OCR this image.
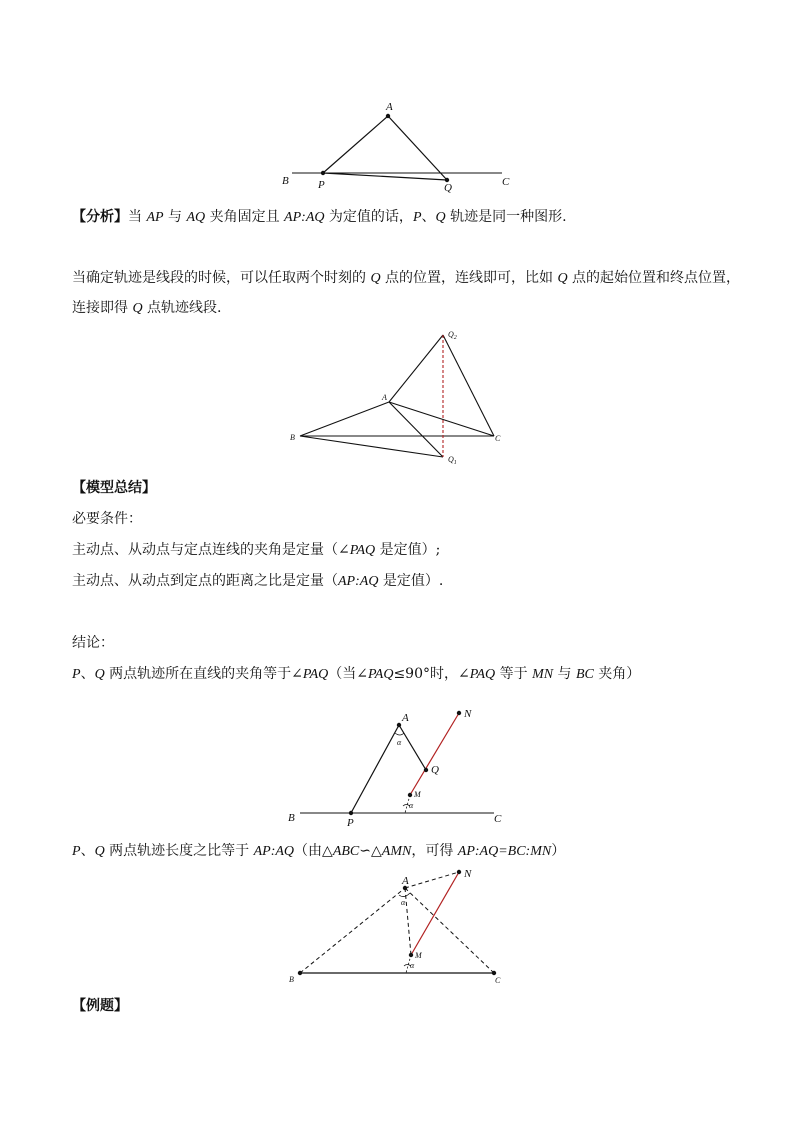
A
B	P	Q	C

【分析】当 AP 与 AQ 夹角固定且 AP:AQ 为定值的话，P、Q 轨迹是同一种图形.

当确定轨迹是线段的时候，可以任取两个时刻的 Q 点的位置，连线即可，比如 Q 点的起始位置和终点位置，

连接即得 Q 点轨迹线段.

A
B	C
$Q_1$
$Q_2$

【模型总结】

必要条件：

主动点、从动点与定点连线的夹角是定量（∠PAQ 是定值）;

主动点、从动点到定点的距离之比是定量（AP:AQ 是定值）.

结论：

P、Q 两点轨迹所在直线的夹角等于∠PAQ（当∠PAQ≤90°时，∠PAQ 等于 MN 与 BC 夹角）

A	N
Q
M
B	P	C
α
α

P、Q 两点轨迹长度之比等于 AP:AQ（由△ABC∽△AMN，可得 AP:AQ=BC:MN）

A
N
M
B	C
α
α

【例题】
